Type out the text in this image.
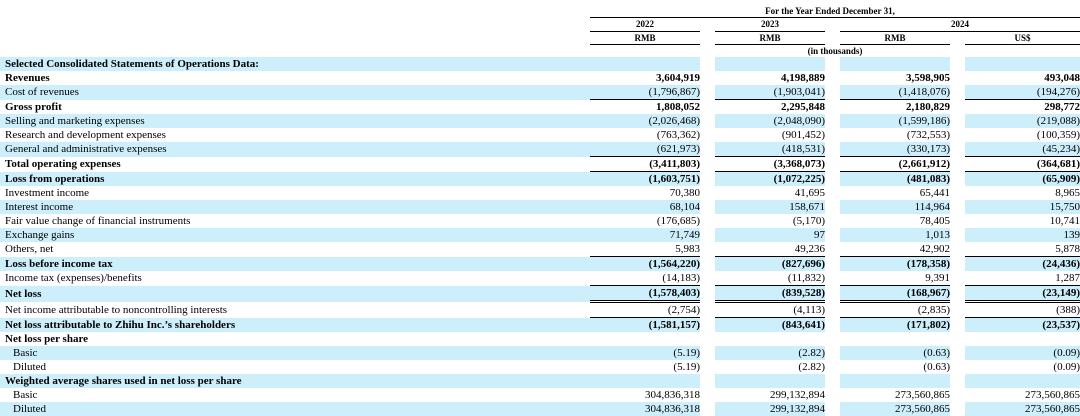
For the Year Ended December 31,
2022	2023	2024
RMB	RMB	RMB	US$
(in thousands)
Selected Consolidated Statements of Operations Data:							
Revenues	3,604,919		4,198,889		3,598,905		493,048
Cost of revenues	(1,796,867)		(1,903,041)		(1,418,076)		(194,276)
Gross profit	1,808,052		2,295,848		2,180,829		298,772
Selling and marketing expenses	(2,026,468)		(2,048,090)		(1,599,186)		(219,088)
Research and development expenses	(763,362)		(901,452)		(732,553)		(100,359)
General and administrative expenses	(621,973)		(418,531)		(330,173)		(45,234)
Total operating expenses	(3,411,803)		(3,368,073)		(2,661,912)		(364,681)
Loss from operations	(1,603,751)		(1,072,225)		(481,083)		(65,909)
Investment income	70,380		41,695		65,441		8,965
Interest income	68,104		158,671		114,964		15,750
Fair value change of financial instruments	(176,685)		(5,170)		78,405		10,741
Exchange gains	71,749		97		1,013		139
Others, net	5,983		49,236		42,902		5,878
Loss before income tax	(1,564,220)		(827,696)		(178,358)		(24,436)
Income tax (expenses)/benefits	(14,183)		(11,832)		9,391		1,287
Net loss	(1,578,403)		(839,528)		(168,967)		(23,149)
Net income attributable to noncontrolling interests	(2,754)		(4,113)		(2,835)		(388)
Net loss attributable to Zhihu Inc.’s shareholders	(1,581,157)		(843,641)		(171,802)		(23,537)
Net loss per share							
Basic	(5.19)		(2.82)		(0.63)		(0.09)
Diluted	(5.19)		(2.82)		(0.63)		(0.09)
Weighted average shares used in net loss per share							
Basic	304,836,318		299,132,894		273,560,865		273,560,865
Diluted	304,836,318		299,132,894		273,560,865		273,560,865
